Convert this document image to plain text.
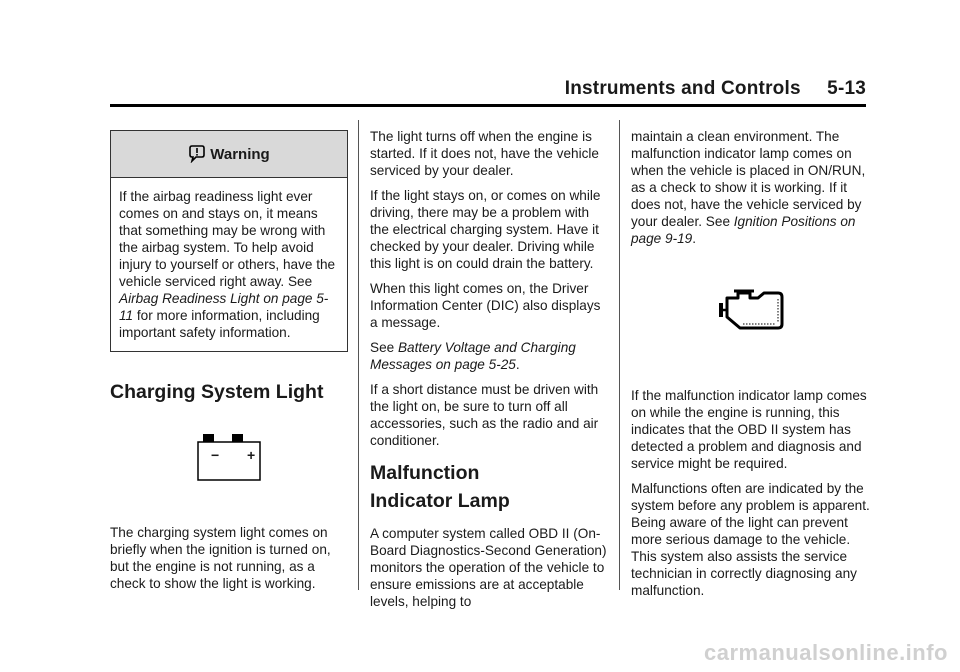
Instruments and Controls 5-13
Warning
If the airbag readiness light ever comes on and stays on, it means that something may be wrong with the airbag system. To help avoid injury to yourself or others, have the vehicle serviced right away. See Airbag Readiness Light on page 5-11 for more information, including important safety information.
Charging System Light
− +

The charging system light comes on briefly when the ignition is turned on, but the engine is not running, as a check to show the light is working.

The light turns off when the engine is started. If it does not, have the vehicle serviced by your dealer.

If the light stays on, or comes on while driving, there may be a problem with the electrical charging system. Have it checked by your dealer. Driving while this light is on could drain the battery.

When this light comes on, the Driver Information Center (DIC) also displays a message.

See Battery Voltage and Charging Messages on page 5-25.

If a short distance must be driven with the light on, be sure to turn off all accessories, such as the radio and air conditioner.

Malfunction
Indicator Lamp

A computer system called OBD II (On-Board Diagnostics-Second Generation) monitors the operation of the vehicle to ensure emissions are at acceptable levels, helping to

maintain a clean environment. The malfunction indicator lamp comes on when the vehicle is placed in ON/RUN, as a check to show it is working. If it does not, have the vehicle serviced by your dealer. See Ignition Positions on page 9-19.

If the malfunction indicator lamp comes on while the engine is running, this indicates that the OBD II system has detected a problem and diagnosis and service might be required.

Malfunctions often are indicated by the system before any problem is apparent. Being aware of the light can prevent more serious damage to the vehicle. This system also assists the service technician in correctly diagnosing any malfunction.

carmanualsonline.info
